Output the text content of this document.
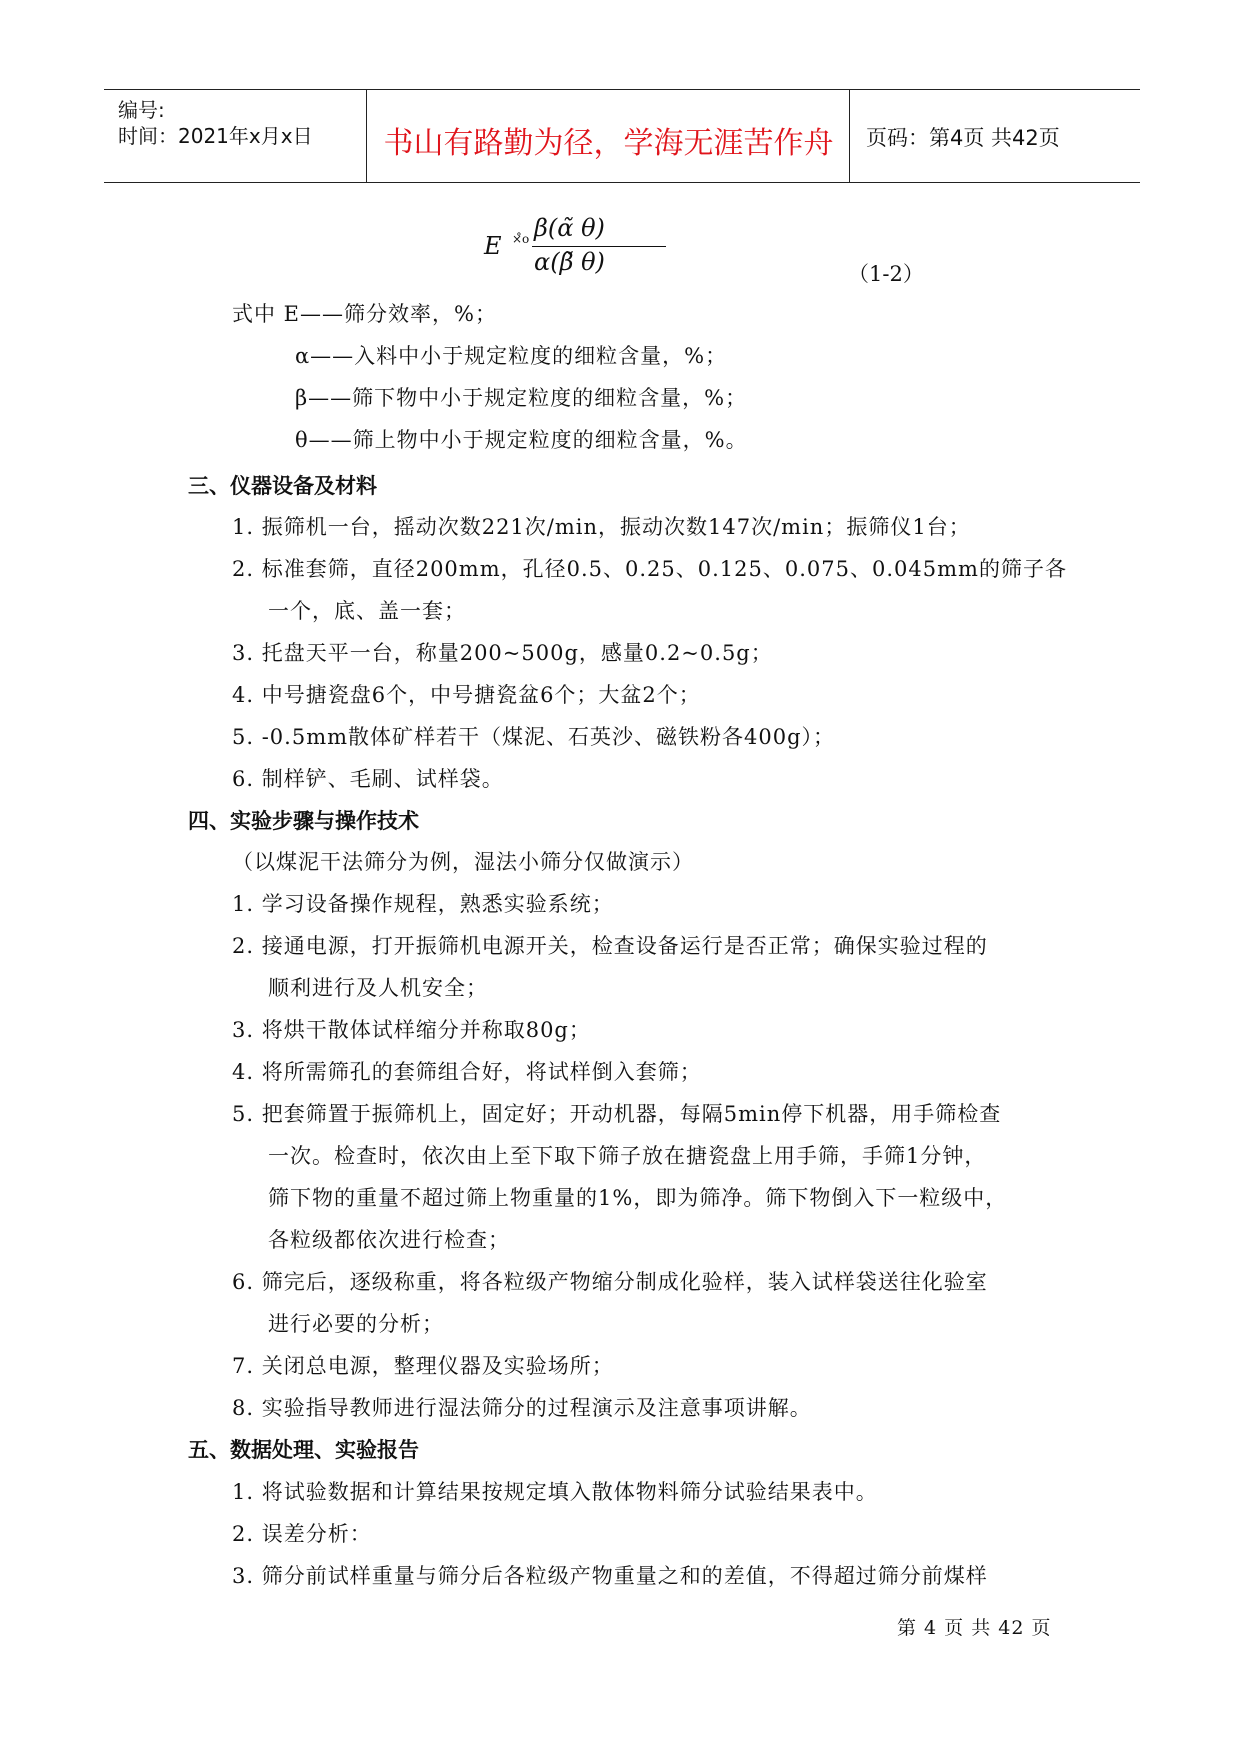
编号:
时间：2021年x月x日	书山有路勤为径，学海无涯苦作舟	页码：第4页 共42页
E ×̊o β(α̃ θ)
α(β̃ θ)	（1-2）
式中 E——筛分效率，%；
α——入料中小于规定粒度的细粒含量，%；
β——筛下物中小于规定粒度的细粒含量，%；
θ——筛上物中小于规定粒度的细粒含量，%。
三、仪器设备及材料
1. 振筛机一台，摇动次数221次/min，振动次数147次/min；振筛仪1台；
2. 标准套筛，直径200mm，孔径0.5、0.25、0.125、0.075、0.045mm的筛子各
一个，底、盖一套；
3. 托盘天平一台，称量200~500g，感量0.2~0.5g；
4. 中号搪瓷盘6个，中号搪瓷盆6个；大盆2个；
5. -0.5mm散体矿样若干（煤泥、石英沙、磁铁粉各400g）；
6. 制样铲、毛刷、试样袋。
四、实验步骤与操作技术
（以煤泥干法筛分为例，湿法小筛分仅做演示）
1. 学习设备操作规程，熟悉实验系统；
2. 接通电源，打开振筛机电源开关，检查设备运行是否正常；确保实验过程的
顺利进行及人机安全；
3. 将烘干散体试样缩分并称取80g；
4. 将所需筛孔的套筛组合好，将试样倒入套筛；
5. 把套筛置于振筛机上，固定好；开动机器，每隔5min停下机器，用手筛检查
一次。检查时，依次由上至下取下筛子放在搪瓷盘上用手筛，手筛1分钟，
筛下物的重量不超过筛上物重量的1%，即为筛净。筛下物倒入下一粒级中，
各粒级都依次进行检查；
6. 筛完后，逐级称重，将各粒级产物缩分制成化验样，装入试样袋送往化验室
进行必要的分析；
7. 关闭总电源，整理仪器及实验场所；
8. 实验指导教师进行湿法筛分的过程演示及注意事项讲解。
五、数据处理、实验报告
1. 将试验数据和计算结果按规定填入散体物料筛分试验结果表中。
2. 误差分析：
3. 筛分前试样重量与筛分后各粒级产物重量之和的差值，不得超过筛分前煤样
第 4 页 共 42 页
